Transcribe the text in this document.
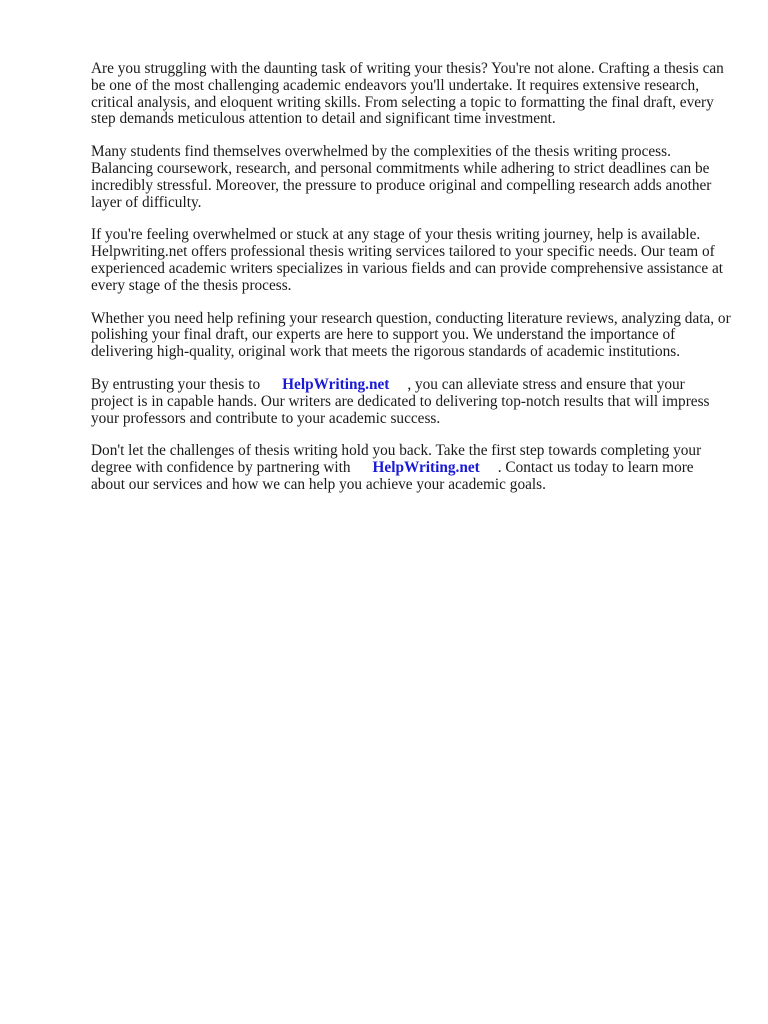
Are you struggling with the daunting task of writing your thesis? You're not alone. Crafting a thesis can be one of the most challenging academic endeavors you'll undertake. It requires extensive research, critical analysis, and eloquent writing skills. From selecting a topic to formatting the final draft, every step demands meticulous attention to detail and significant time investment.

Many students find themselves overwhelmed by the complexities of the thesis writing process. Balancing coursework, research, and personal commitments while adhering to strict deadlines can be incredibly stressful. Moreover, the pressure to produce original and compelling research adds another layer of difficulty.

If you're feeling overwhelmed or stuck at any stage of your thesis writing journey, help is available. Helpwriting.net offers professional thesis writing services tailored to your specific needs. Our team of experienced academic writers specializes in various fields and can provide comprehensive assistance at every stage of the thesis process.

Whether you need help refining your research question, conducting literature reviews, analyzing data, or polishing your final draft, our experts are here to support you. We understand the importance of delivering high-quality, original work that meets the rigorous standards of academic institutions.

By entrusting your thesis to HelpWriting.net , you can alleviate stress and ensure that your project is in capable hands. Our writers are dedicated to delivering top-notch results that will impress your professors and contribute to your academic success.

Don't let the challenges of thesis writing hold you back. Take the first step towards completing your degree with confidence by partnering with HelpWriting.net . Contact us today to learn more about our services and how we can help you achieve your academic goals.
